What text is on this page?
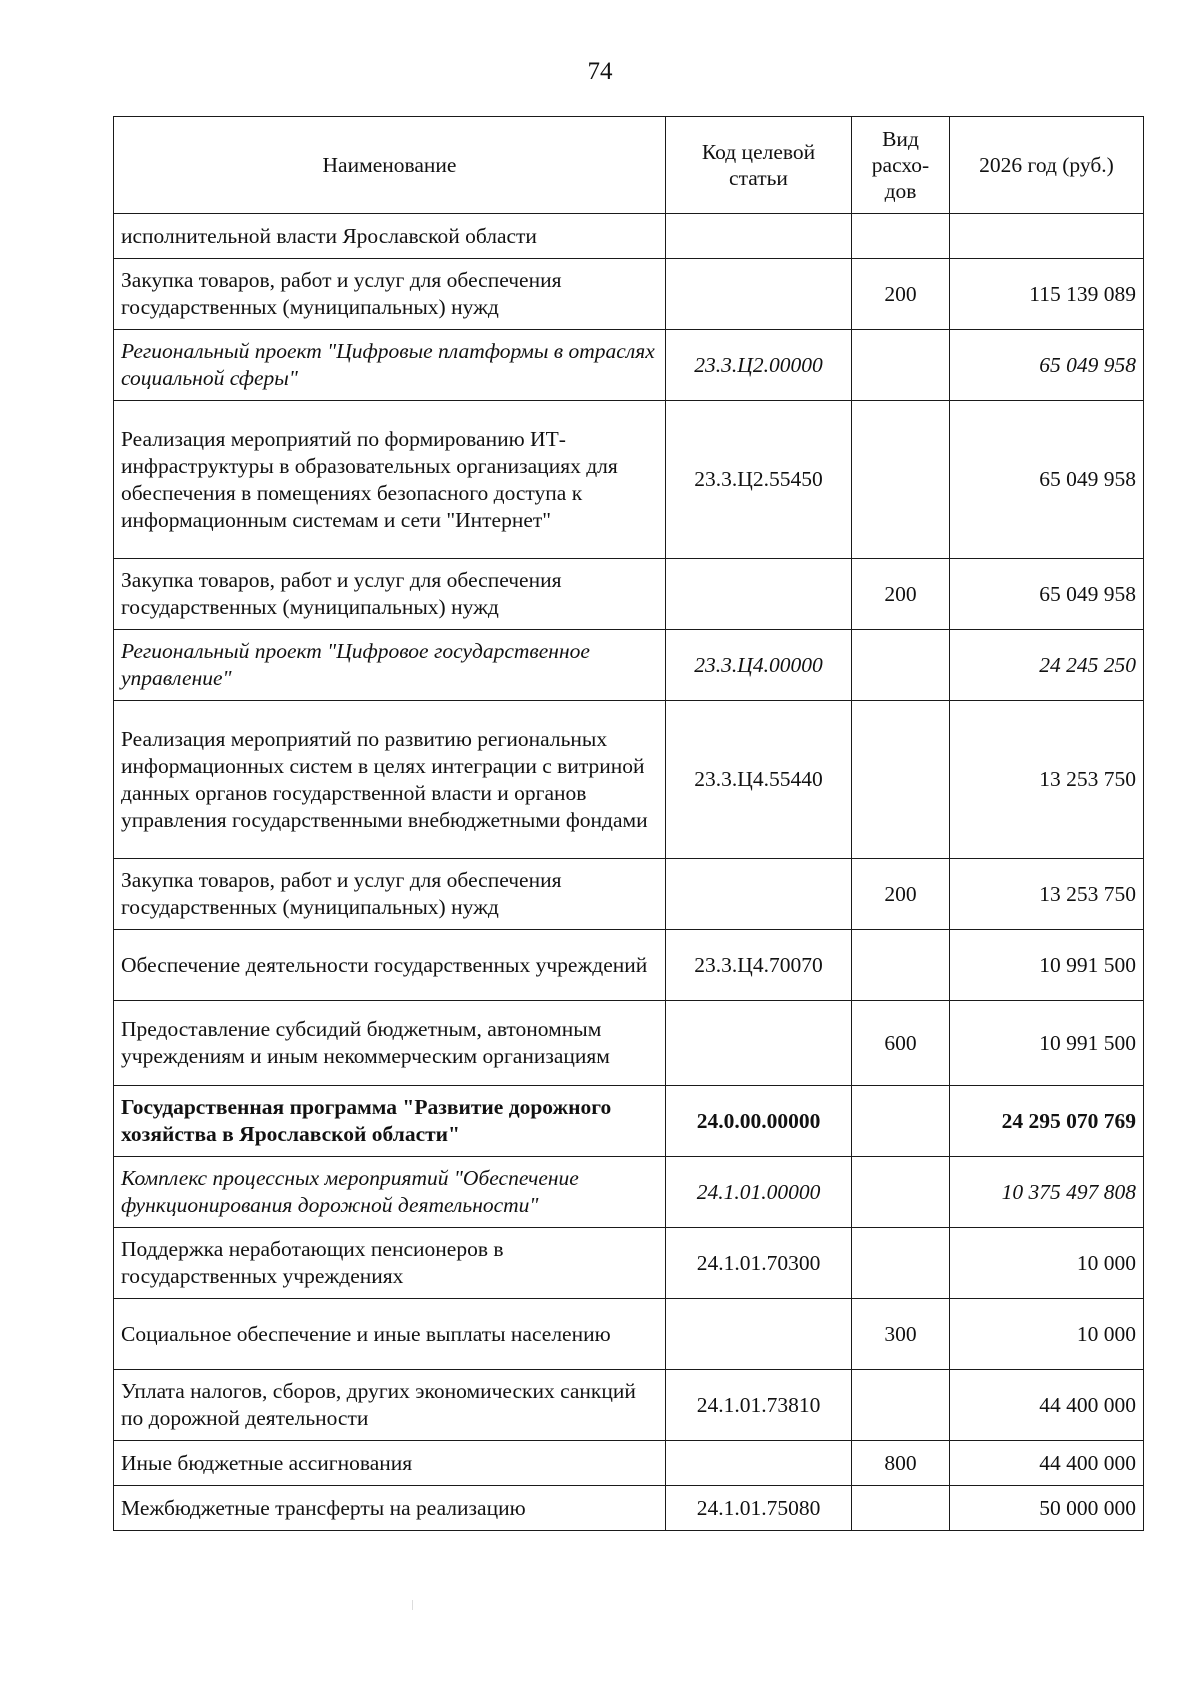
74
Наименование	Код целевой статьи	Вид расхо-дов	2026 год (руб.)
исполнительной власти Ярославской области			
Закупка товаров, работ и услуг для обеспечения государственных (муниципальных) нужд		200	115 139 089
Региональный проект "Цифровые платформы в отраслях социальной сферы"	23.3.Ц2.00000		65 049 958
Реализация мероприятий по формированию ИТ-инфраструктуры в образовательных организациях для обеспечения в помещениях безопасного доступа к информационным системам и сети "Интернет"	23.3.Ц2.55450		65 049 958
Закупка товаров, работ и услуг для обеспечения государственных (муниципальных) нужд		200	65 049 958
Региональный проект "Цифровое государственное управление"	23.3.Ц4.00000		24 245 250
Реализация мероприятий по развитию региональных информационных систем в целях интеграции с витриной данных органов государственной власти и органов управления государственными внебюджетными фондами	23.3.Ц4.55440		13 253 750
Закупка товаров, работ и услуг для обеспечения государственных (муниципальных) нужд		200	13 253 750
Обеспечение деятельности государственных учреждений	23.3.Ц4.70070		10 991 500
Предоставление субсидий бюджетным, автономным учреждениям и иным некоммерческим организациям		600	10 991 500
Государственная программа "Развитие дорожного хозяйства в Ярославской области"	24.0.00.00000		24 295 070 769
Комплекс процессных мероприятий "Обеспечение функционирования дорожной деятельности"	24.1.01.00000		10 375 497 808
Поддержка неработающих пенсионеров в государственных учреждениях	24.1.01.70300		10 000
Социальное обеспечение и иные выплаты населению		300	10 000
Уплата налогов, сборов, других экономических санкций по дорожной деятельности	24.1.01.73810		44 400 000
Иные бюджетные ассигнования		800	44 400 000
Межбюджетные трансферты на реализацию	24.1.01.75080		50 000 000
